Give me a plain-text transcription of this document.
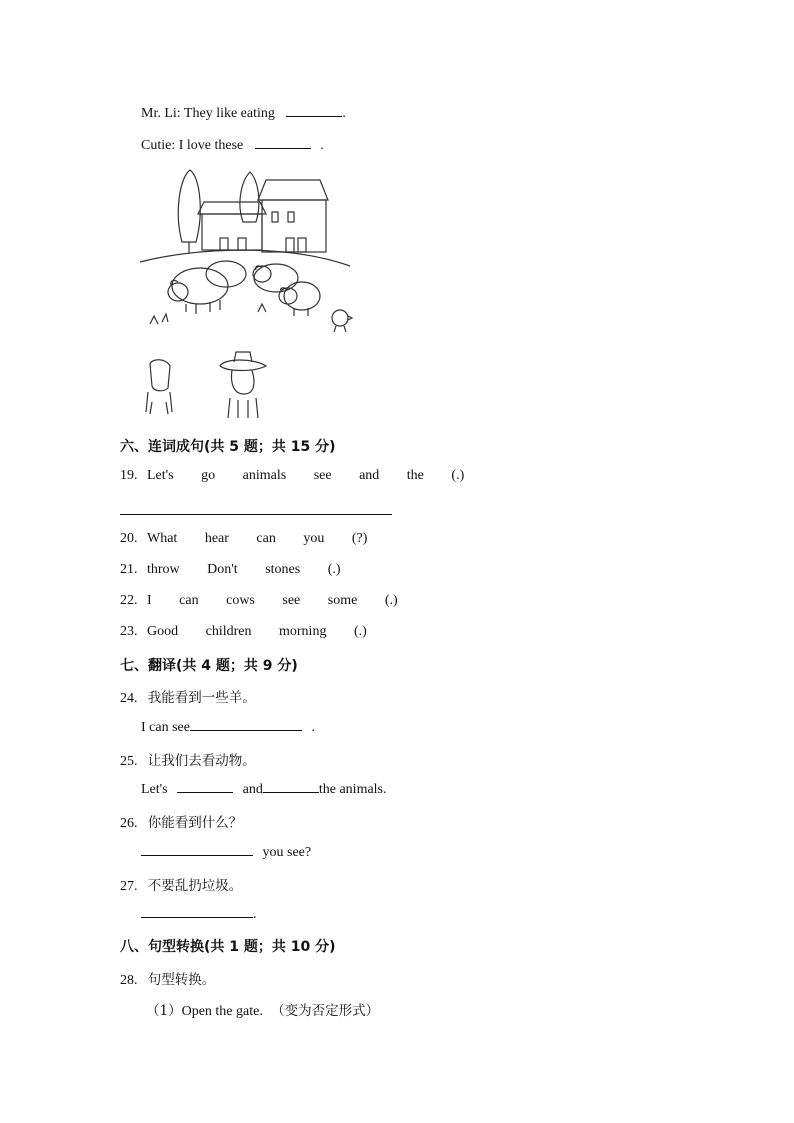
Mr. Li: They like eating	.
Cutie: I love these	.
六、连词成句(共 5 题；共 15 分)
19. Let's go animals see and the (.)
20. What hear can you (?)
21. throw Don't stones (.)
22. I can cows see some (.)
23. Good children morning (.)
七、翻译(共 4 题；共 9 分)
24. 我能看到一些羊。
I can see	.
25. 让我们去看动物。
Let's	and	the animals.
26. 你能看到什么？
you see?
27. 不要乱扔垃圾。
.
八、句型转换(共 1 题；共 10 分)
28. 句型转换。
（1）Open the gate. （变为否定形式）
